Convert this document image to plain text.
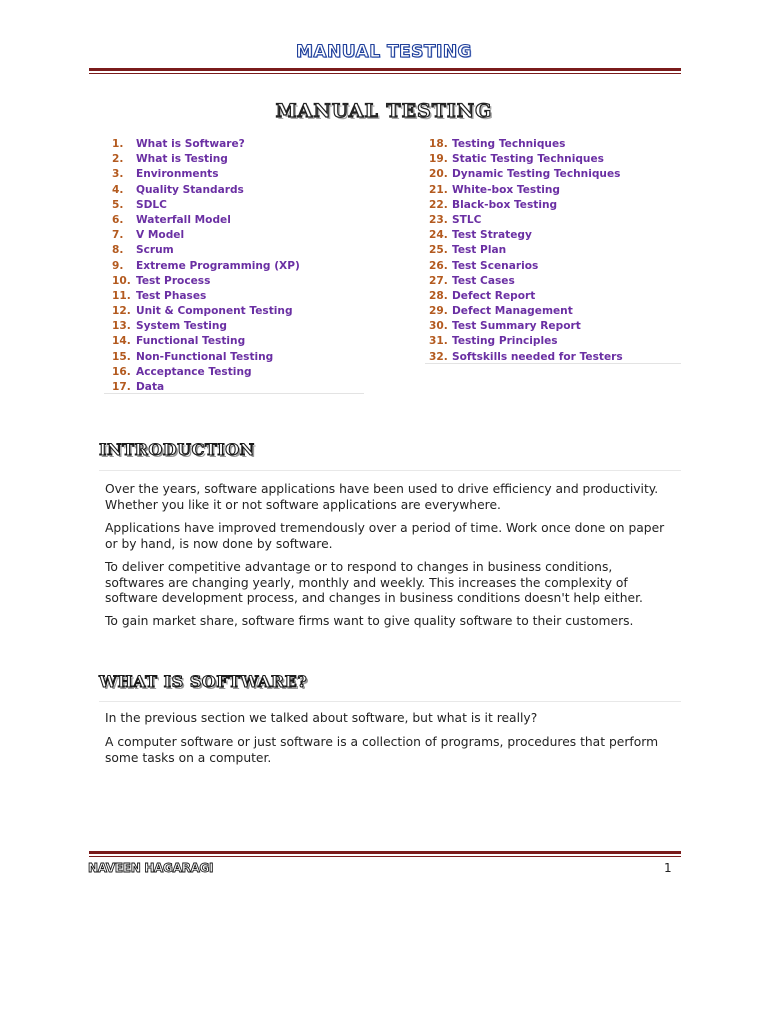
MANUAL TESTING
MANUAL TESTING
1. What is Software?
2. What is Testing
3. Environments
4. Quality Standards
5. SDLC
6. Waterfall Model
7. V Model
8. Scrum
9. Extreme Programming (XP)
10. Test Process
11. Test Phases
12. Unit & Component Testing
13. System Testing
14. Functional Testing
15. Non-Functional Testing
16. Acceptance Testing
17. Data
18. Testing Techniques
19. Static Testing Techniques
20. Dynamic Testing Techniques
21. White-box Testing
22. Black-box Testing
23. STLC
24. Test Strategy
25. Test Plan
26. Test Scenarios
27. Test Cases
28. Defect Report
29. Defect Management
30. Test Summary Report
31. Testing Principles
32. Softskills needed for Testers
INTRODUCTION

Over the years, software applications have been used to drive efficiency and productivity. Whether you like it or not software applications are everywhere.

Applications have improved tremendously over a period of time. Work once done on paper or by hand, is now done by software.

To deliver competitive advantage or to respond to changes in business conditions, softwares are changing yearly, monthly and weekly. This increases the complexity of software development process, and changes in business conditions doesn't help either.

To gain market share, software firms want to give quality software to their customers.

WHAT IS SOFTWARE?

In the previous section we talked about software, but what is it really?

A computer software or just software is a collection of programs, procedures that perform some tasks on a computer.

NAVEEN HAGARAGI	1
